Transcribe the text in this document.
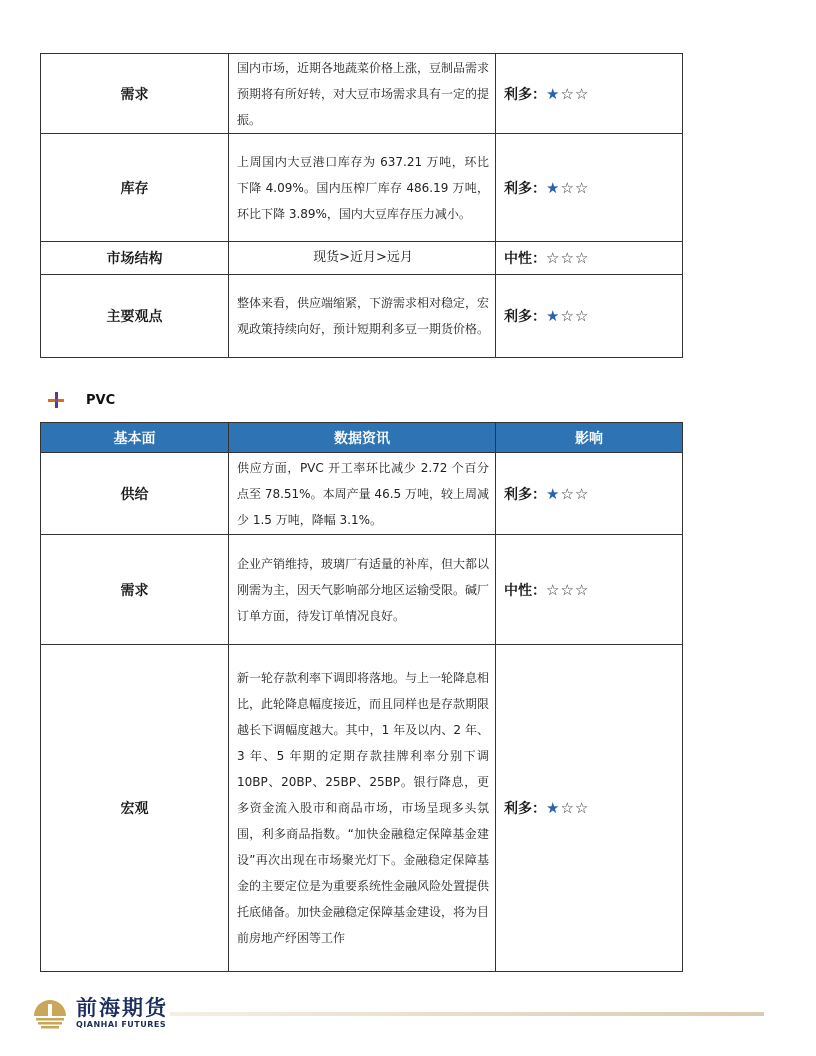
需求	国内市场，近期各地蔬菜价格上涨，豆制品需求预期将有所好转，对大豆市场需求具有一定的提振。	利多：★☆☆
库存	上周国内大豆港口库存为 637.21 万吨，环比下降 4.09%。国内压榨厂库存 486.19 万吨，环比下降 3.89%，国内大豆库存压力减小。	利多：★☆☆
市场结构	现货>近月>远月	中性：☆☆☆
主要观点	整体来看，供应端缩紧，下游需求相对稳定，宏观政策持续向好，预计短期利多豆一期货价格。	利多：★☆☆
PVC
基本面	数据资讯	影响
供给	供应方面，PVC 开工率环比减少 2.72 个百分点至 78.51%。本周产量 46.5 万吨，较上周减少 1.5 万吨，降幅 3.1%。	利多：★☆☆
需求	企业产销维持，玻璃厂有适量的补库，但大都以刚需为主，因天气影响部分地区运输受限。碱厂订单方面，待发订单情况良好。	中性：☆☆☆
宏观	新一轮存款利率下调即将落地。与上一轮降息相比，此轮降息幅度接近，而且同样也是存款期限越长下调幅度越大。其中，1 年及以内、2 年、3 年、5 年期的定期存款挂牌利率分别下调 10BP、20BP、25BP、25BP。银行降息，更多资金流入股市和商品市场，市场呈现多头氛围，利多商品指数。“加快金融稳定保障基金建设”再次出现在市场聚光灯下。金融稳定保障基金的主要定位是为重要系统性金融风险处置提供托底储备。加快金融稳定保障基金建设，将为目前房地产纾困等工作	利多：★☆☆
前海期货
QIANHAI FUTURES
